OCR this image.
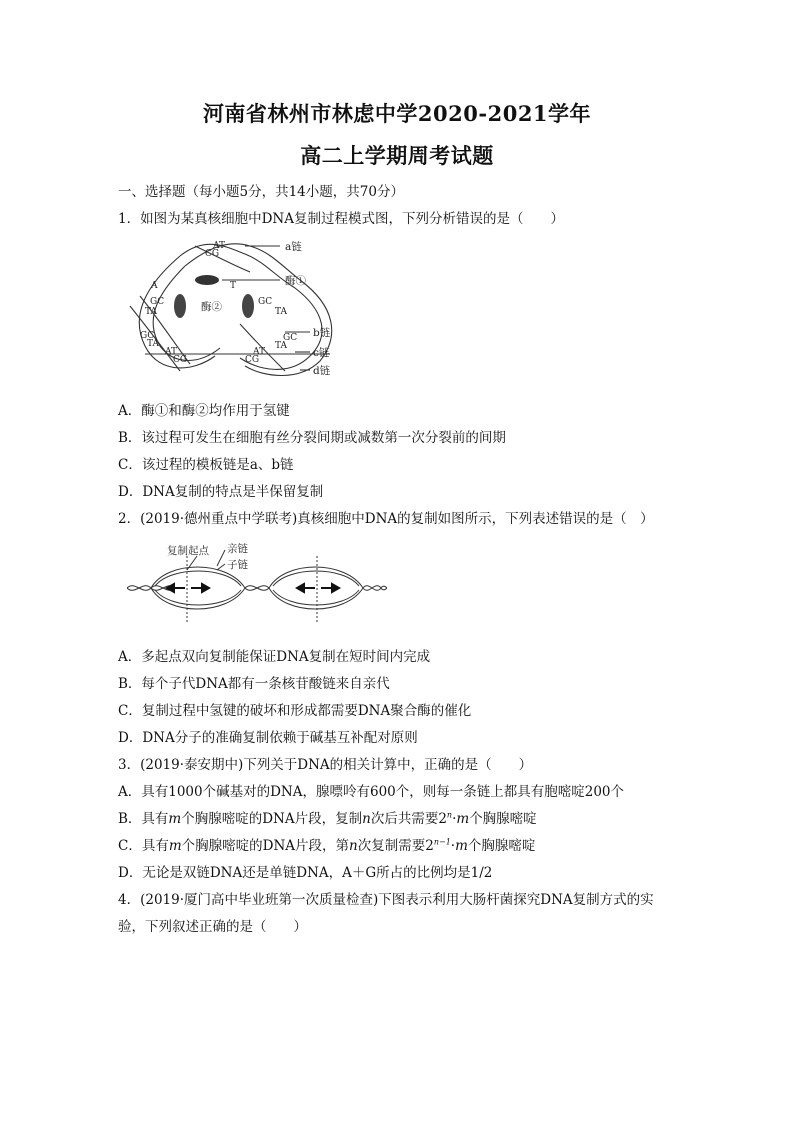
河南省林州市林虑中学2020-2021学年
高二上学期周考试题
一、选择题（每小题5分，共14小题，共70分）
1．如图为某真核细胞中DNA复制过程模式图，下列分析错误的是（　　）
AT
CG
A	T
GC
TA
GC
TA
GC
TA
AT
CG
GC
TA
AT
CG
酶②
a链
酶①
b链
c链
d链
A．酶①和酶②均作用于氢键
B．该过程可发生在细胞有丝分裂间期或减数第一次分裂前的间期
C．该过程的模板链是a、b链
D．DNA复制的特点是半保留复制
2．(2019·德州重点中学联考)真核细胞中DNA的复制如图所示，下列表述错误的是（　）
复制起点 亲链
子链
A．多起点双向复制能保证DNA复制在短时间内完成
B．每个子代DNA都有一条核苷酸链来自亲代
C．复制过程中氢键的破坏和形成都需要DNA聚合酶的催化
D．DNA分子的准确复制依赖于碱基互补配对原则
3．(2019·泰安期中)下列关于DNA的相关计算中，正确的是（　　）
A．具有1000个碱基对的DNA，腺嘌呤有600个，则每一条链上都具有胞嘧啶200个
B．具有m个胸腺嘧啶的DNA片段，复制n次后共需要$2^n\cdot m$个胸腺嘧啶
C．具有m个胸腺嘧啶的DNA片段，第n次复制需要$2^{n-1}\cdot m$个胸腺嘧啶
D．无论是双链DNA还是单链DNA，A＋G所占的比例均是1/2
4．(2019·厦门高中毕业班第一次质量检查)下图表示利用大肠杆菌探究DNA复制方式的实
验，下列叙述正确的是（　　）
